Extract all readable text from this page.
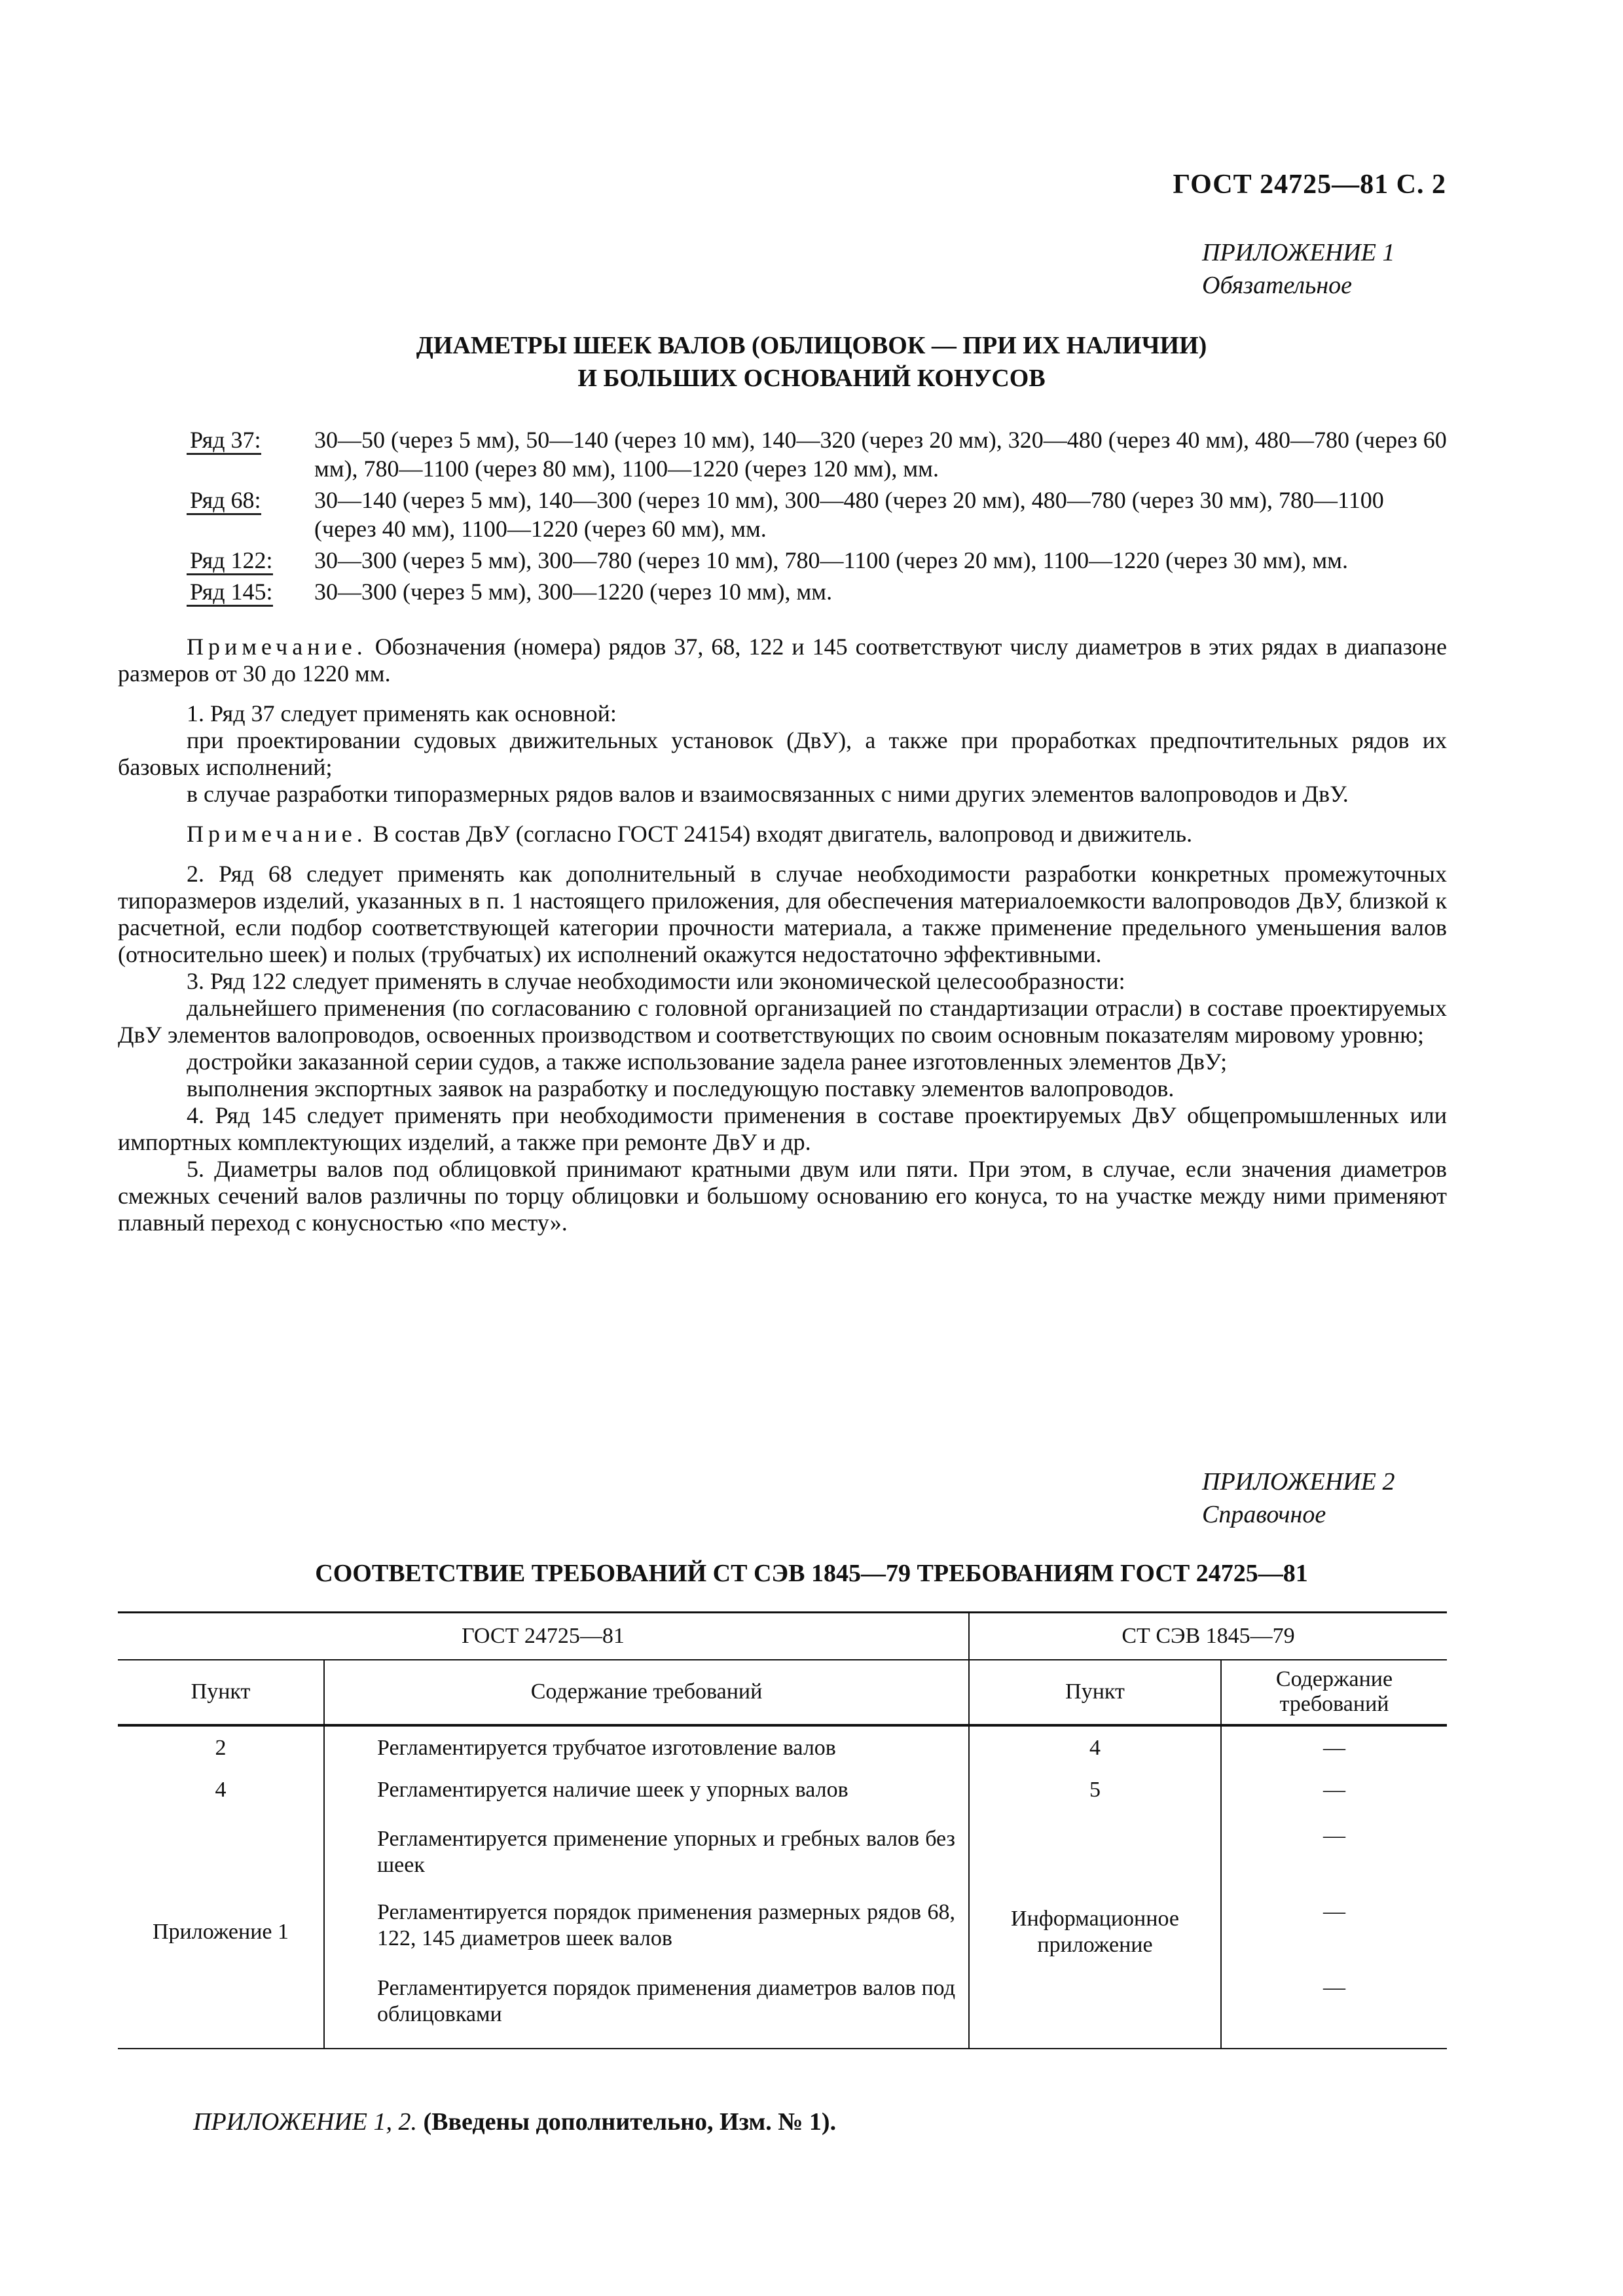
ГОСТ 24725—81 С. 2
ПРИЛОЖЕНИЕ 1
Обязательное
ДИАМЕТРЫ ШЕЕК ВАЛОВ (ОБЛИЦОВОК — ПРИ ИХ НАЛИЧИИ)
И БОЛЬШИХ ОСНОВАНИЙ КОНУСОВ
Ряд 37:	30—50 (через 5 мм), 50—140 (через 10 мм), 140—320 (через 20 мм), 320—480 (через 40 мм), 480—780 (через 60 мм), 780—1100 (через 80 мм), 1100—1220 (через 120 мм), мм.
Ряд 68:	30—140 (через 5 мм), 140—300 (через 10 мм), 300—480 (через 20 мм), 480—780 (через 30 мм), 780—1100 (через 40 мм), 1100—1220 (через 60 мм), мм.
Ряд 122:	30—300 (через 5 мм), 300—780 (через 10 мм), 780—1100 (через 20 мм), 1100—1220 (через 30 мм), мм.
Ряд 145:	30—300 (через 5 мм), 300—1220 (через 10 мм), мм.

Примечание. Обозначения (номера) рядов 37, 68, 122 и 145 соответствуют числу диаметров в этих рядах в диапазоне размеров от 30 до 1220 мм.

1. Ряд 37 следует применять как основной:

при проектировании судовых движительных установок (ДвУ), а также при проработках предпочтительных рядов их базовых исполнений;

в случае разработки типоразмерных рядов валов и взаимосвязанных с ними других элементов валопроводов и ДвУ.

Примечание. В состав ДвУ (согласно ГОСТ 24154) входят двигатель, валопровод и движитель.

2. Ряд 68 следует применять как дополнительный в случае необходимости разработки конкретных промежуточных типоразмеров изделий, указанных в п. 1 настоящего приложения, для обеспечения материалоемкости валопроводов ДвУ, близкой к расчетной, если подбор соответствующей категории прочности материала, а также применение предельного уменьшения валов (относительно шеек) и полых (трубчатых) их исполнений окажутся недостаточно эффективными.

3. Ряд 122 следует применять в случае необходимости или экономической целесообразности:

дальнейшего применения (по согласованию с головной организацией по стандартизации отрасли) в составе проектируемых ДвУ элементов валопроводов, освоенных производством и соответствующих по своим основным показателям мировому уровню;

достройки заказанной серии судов, а также использование задела ранее изготовленных элементов ДвУ;

выполнения экспортных заявок на разработку и последующую поставку элементов валопроводов.

4. Ряд 145 следует применять при необходимости применения в составе проектируемых ДвУ общепромышленных или импортных комплектующих изделий, а также при ремонте ДвУ и др.

5. Диаметры валов под облицовкой принимают кратными двум или пяти. При этом, в случае, если значения диаметров смежных сечений валов различны по торцу облицовки и большому основанию его конуса, то на участке между ними применяют плавный переход с конусностью «по месту».

ПРИЛОЖЕНИЕ 2
Справочное
СООТВЕТСТВИЕ ТРЕБОВАНИЙ СТ СЭВ 1845—79 ТРЕБОВАНИЯМ ГОСТ 24725—81
ГОСТ 24725—81		СТ СЭВ 1845—79	
Пункт	Содержание требований	Пункт	Содержание
требований

2	Регламентируется трубчатое изготовление валов	4	—
4	Регламентируется наличие шеек у упорных валов	5	—
Приложение 1	Регламентируется применение упорных и гребных валов без шеек	Информационное приложение	—
	Регламентируется порядок применения размерных рядов 68, 122, 145 диаметров шеек валов		—
	Регламентируется порядок применения диаметров валов под облицовками		—
ПРИЛОЖЕНИЕ 1, 2. (Введены дополнительно, Изм. № 1).
